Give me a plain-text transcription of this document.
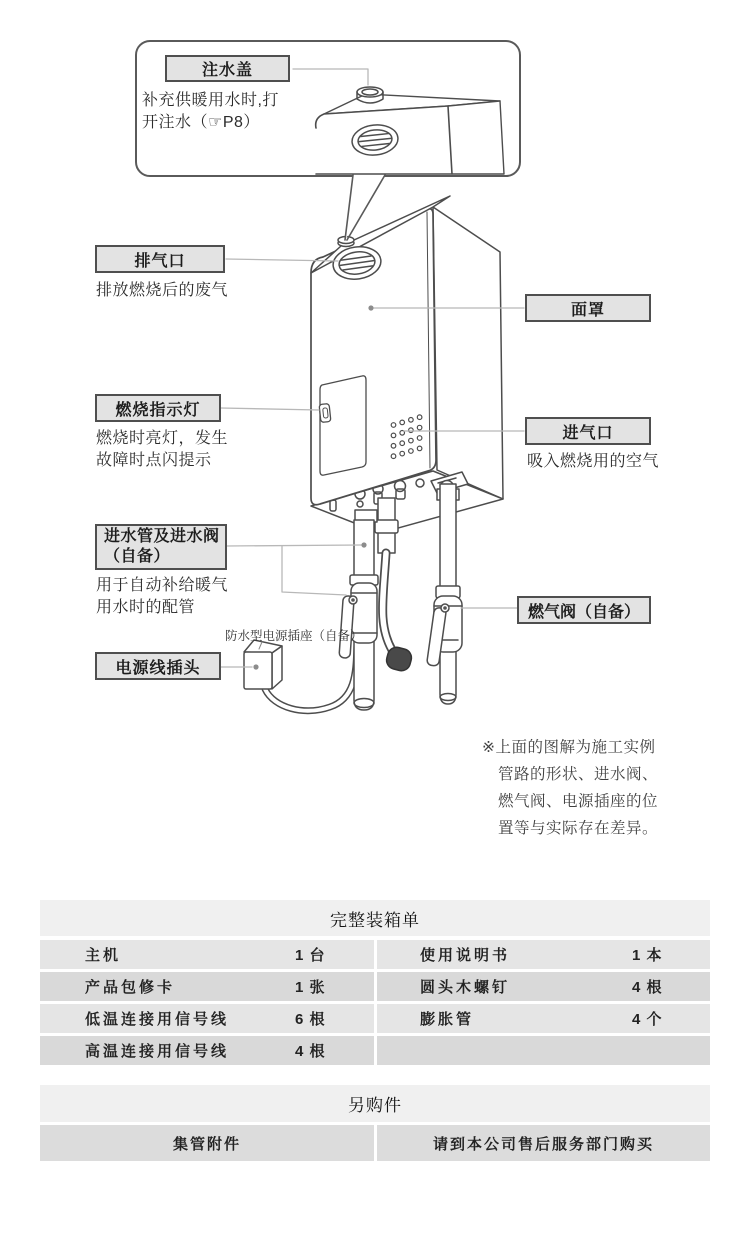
注水盖
补充供暖用水时,打
开注水（☞P8）
排气口
排放燃烧后的废气
面罩
燃烧指示灯
燃烧时亮灯，发生
故障时点闪提示
进气口
吸入燃烧用的空气
进水管及进水阀
（自备）
用于自动补给暖气
用水时的配管	燃气阀（自备）
防水型电源插座（自备）
电源线插头
※上面的图解为施工实例
管路的形状、进水阀、
燃气阀、电源插座的位
置等与实际存在差异。
完整装箱单
主机	1 台	使用说明书	1 本
产品包修卡	1 张	圆头木螺钉	4 根
低温连接用信号线	6 根	膨胀管	4 个
高温连接用信号线	4 根
另购件
集管附件	请到本公司售后服务部门购买
